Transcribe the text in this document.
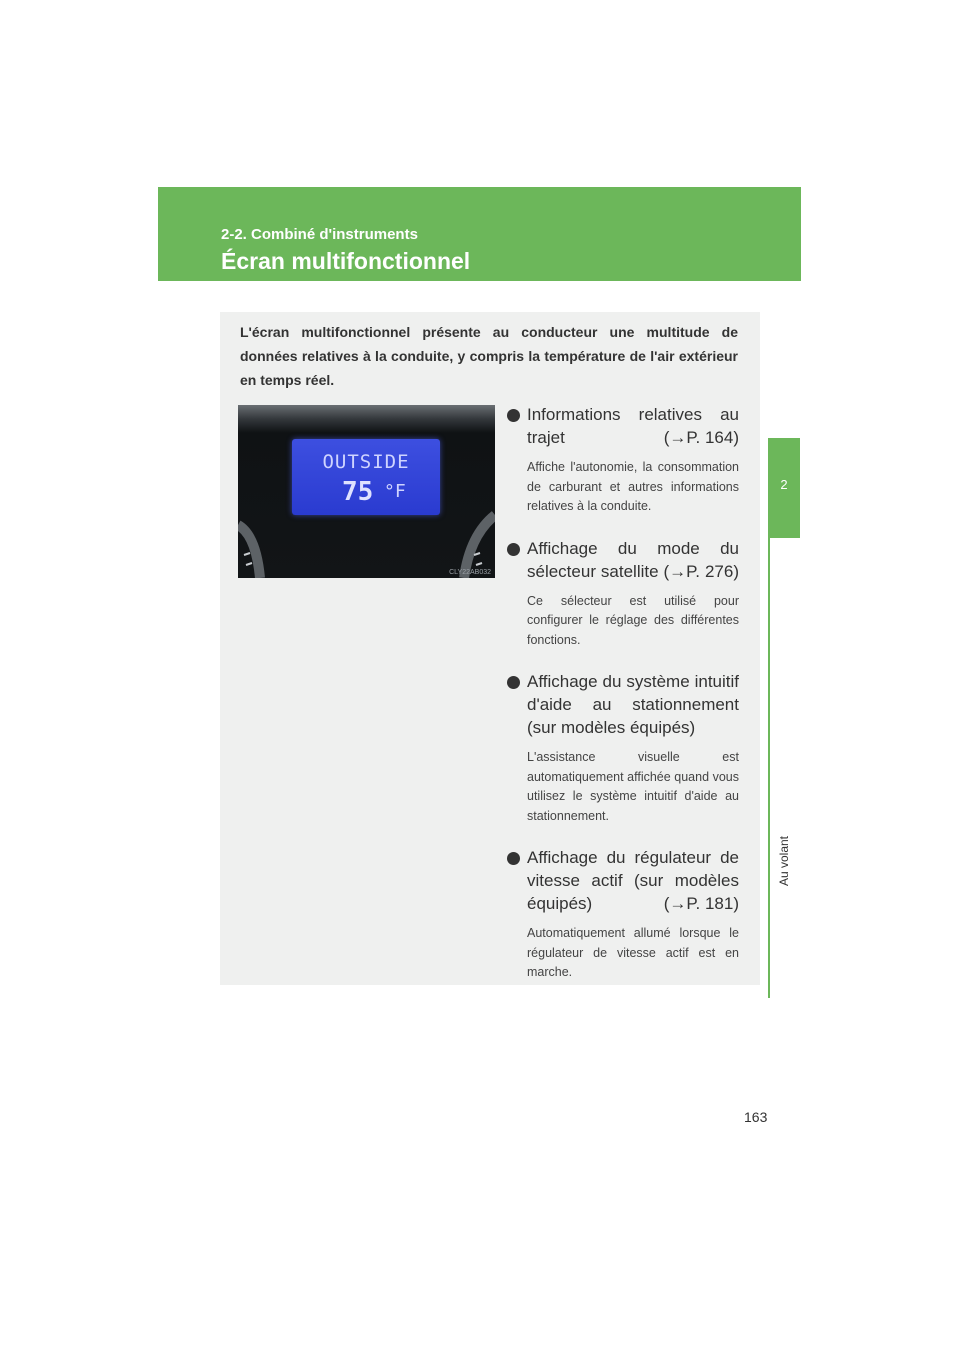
2-2. Combiné d'instruments
Écran multifonctionnel
2
Au volant
L'écran multifonctionnel présente au conducteur une multitude de données relatives à la conduite, y compris la température de l'air extérieur en temps réel.
OUTSIDE
75 °F
CLY22AB032
Informations relatives au trajet	(→P. 164)
Affiche l'autonomie, la consommation de carburant et autres informations relatives à la conduite.
Affichage du mode du sélecteur satellite (→P. 276)
Ce sélecteur est utilisé pour configurer le réglage des différentes fonctions.
Affichage du système intuitif d'aide au stationnement (sur modèles équipés)
L'assistance visuelle est automatiquement affichée quand vous utilisez le système intuitif d'aide au stationnement.
Affichage du régulateur de vitesse actif (sur modèles équipés)	(→P. 181)
Automatiquement allumé lorsque le régulateur de vitesse actif est en marche.
163
